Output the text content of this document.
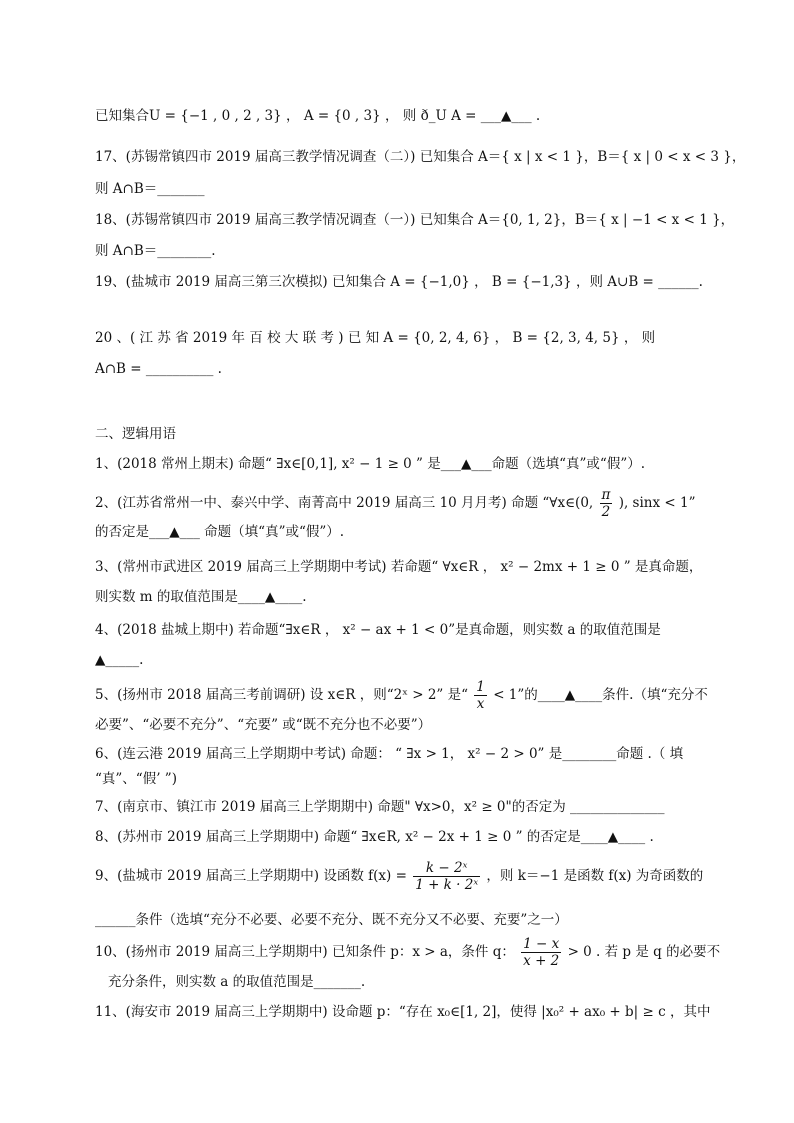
已知集合U = {−1 , 0 , 2 , 3} ， A = {0 , 3} ， 则 ð_U A = ___▲___ .
17、(苏锡常镇四市 2019 届高三教学情况调查（二）) 已知集合 A＝{ x | x < 1 }，B＝{ x | 0 < x < 3 }，
则 A∩B＝_______
18、(苏锡常镇四市 2019 届高三教学情况调查（一）) 已知集合 A＝{0, 1, 2}，B＝{ x | −1 < x < 1 }，
则 A∩B＝________.
19、(盐城市 2019 届高三第三次模拟) 已知集合 A = {−1,0} ， B = {−1,3} ，则 A∪B = ______.
20 、( 江 苏 省 2019 年 百 校 大 联 考 ) 已 知 A = {0, 2, 4, 6} ， B = {2, 3, 4, 5} ， 则
A∩B = __________ .
二、逻辑用语
1、(2018 常州上期末) 命题“ ∃x∈[0,1], x² − 1 ≥ 0 ” 是___▲___命题（选填“真”或“假”）.
2、(江苏省常州一中、泰兴中学、南菁高中 2019 届高三 10 月月考) 命题 “∀x∈(0, $\frac{\pi}{2}$ ), sinx < 1”
的否定是___▲___ 命题（填“真”或“假”）.
3、(常州市武进区 2019 届高三上学期期中考试) 若命题“ ∀x∈R ， x² − 2mx + 1 ≥ 0 ” 是真命题，
则实数 m 的取值范围是____▲____.
4、(2018 盐城上期中) 若命题“∃x∈R ， x² − ax + 1 < 0”是真命题，则实数 a 的取值范围是
▲_____.
5、(扬州市 2018 届高三考前调研) 设 x∈R ，则“2ˣ > 2” 是“ $\frac{1}{x} < 1$”的____▲____条件.（填“充分不
必要”、“必要不充分”、“充要” 或“既不充分也不必要”）
6、(连云港 2019 届高三上学期期中考试) 命题： “ ∃x > 1， x² − 2 > 0” 是________命题 .（ 填
“真”、“假’ ”)
7、(南京市、镇江市 2019 届高三上学期期中) 命题" ∀x>0，x² ≥ 0"的否定为 ______________
8、(苏州市 2019 届高三上学期期中) 命题“ ∃x∈R, x² − 2x + 1 ≥ 0 ” 的否定是____▲____ .
9、(盐城市 2019 届高三上学期期中) 设函数 $f(x) = \frac{\text{k − 2ˣ}}{\text{1 + k · 2ˣ}}$ ，则 k＝−1 是函数 f(x) 为奇函数的
______条件（选填“充分不必要、必要不充分、既不充分又不必要、充要”之一）
10、(扬州市 2019 届高三上学期期中) 已知条件 p：x > a，条件 q： $\frac{1 - x}{x + 2} > 0$ . 若 p 是 q 的必要不
充分条件，则实数 a 的取值范围是_______.
11、(海安市 2019 届高三上学期期中) 设命题 p：“存在 x₀∈[1, 2]，使得 |x₀² + ax₀ + b| ≥ c ，其中
